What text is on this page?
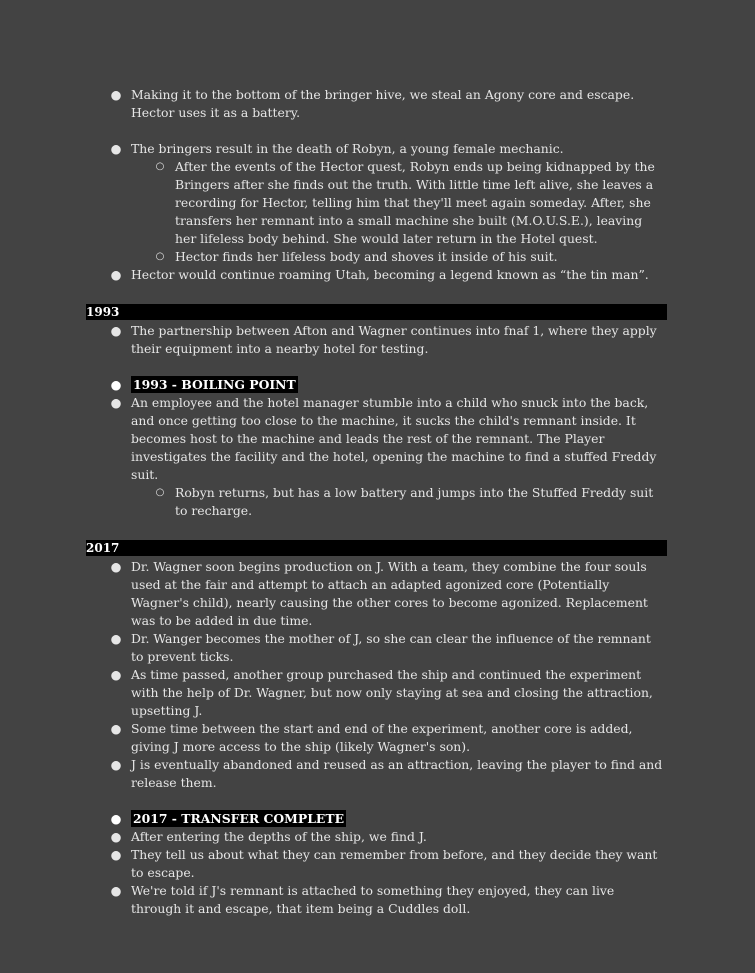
● Making it to the bottom of the bringer hive, we steal an Agony core and escape. Hector uses it as a battery.
● The bringers result in the death of Robyn, a young female mechanic.
○ After the events of the Hector quest, Robyn ends up being kidnapped by the Bringers after she finds out the truth. With little time left alive, she leaves a recording for Hector, telling him that they'll meet again someday. After, she transfers her remnant into a small machine she built (M.O.U.S.E.), leaving her lifeless body behind. She would later return in the Hotel quest.
○ Hector finds her lifeless body and shoves it inside of his suit.
● Hector would continue roaming Utah, becoming a legend known as “the tin man”.
1993
● The partnership between Afton and Wagner continues into fnaf 1, where they apply their equipment into a nearby hotel for testing.
● 1993 - BOILING POINT
● An employee and the hotel manager stumble into a child who snuck into the back, and once getting too close to the machine, it sucks the child's remnant inside. It becomes host to the machine and leads the rest of the remnant. The Player investigates the facility and the hotel, opening the machine to find a stuffed Freddy suit.
○ Robyn returns, but has a low battery and jumps into the Stuffed Freddy suit to recharge.
2017
● Dr. Wagner soon begins production on J. With a team, they combine the four souls used at the fair and attempt to attach an adapted agonized core (Potentially Wagner's child), nearly causing the other cores to become agonized. Replacement was to be added in due time.
● Dr. Wanger becomes the mother of J, so she can clear the influence of the remnant to prevent ticks.
● As time passed, another group purchased the ship and continued the experiment with the help of Dr. Wagner, but now only staying at sea and closing the attraction, upsetting J.
● Some time between the start and end of the experiment, another core is added, giving J more access to the ship (likely Wagner's son).
● J is eventually abandoned and reused as an attraction, leaving the player to find and release them.
● 2017 - TRANSFER COMPLETE
● After entering the depths of the ship, we find J.
● They tell us about what they can remember from before, and they decide they want to escape.
● We're told if J's remnant is attached to something they enjoyed, they can live through it and escape, that item being a Cuddles doll.
